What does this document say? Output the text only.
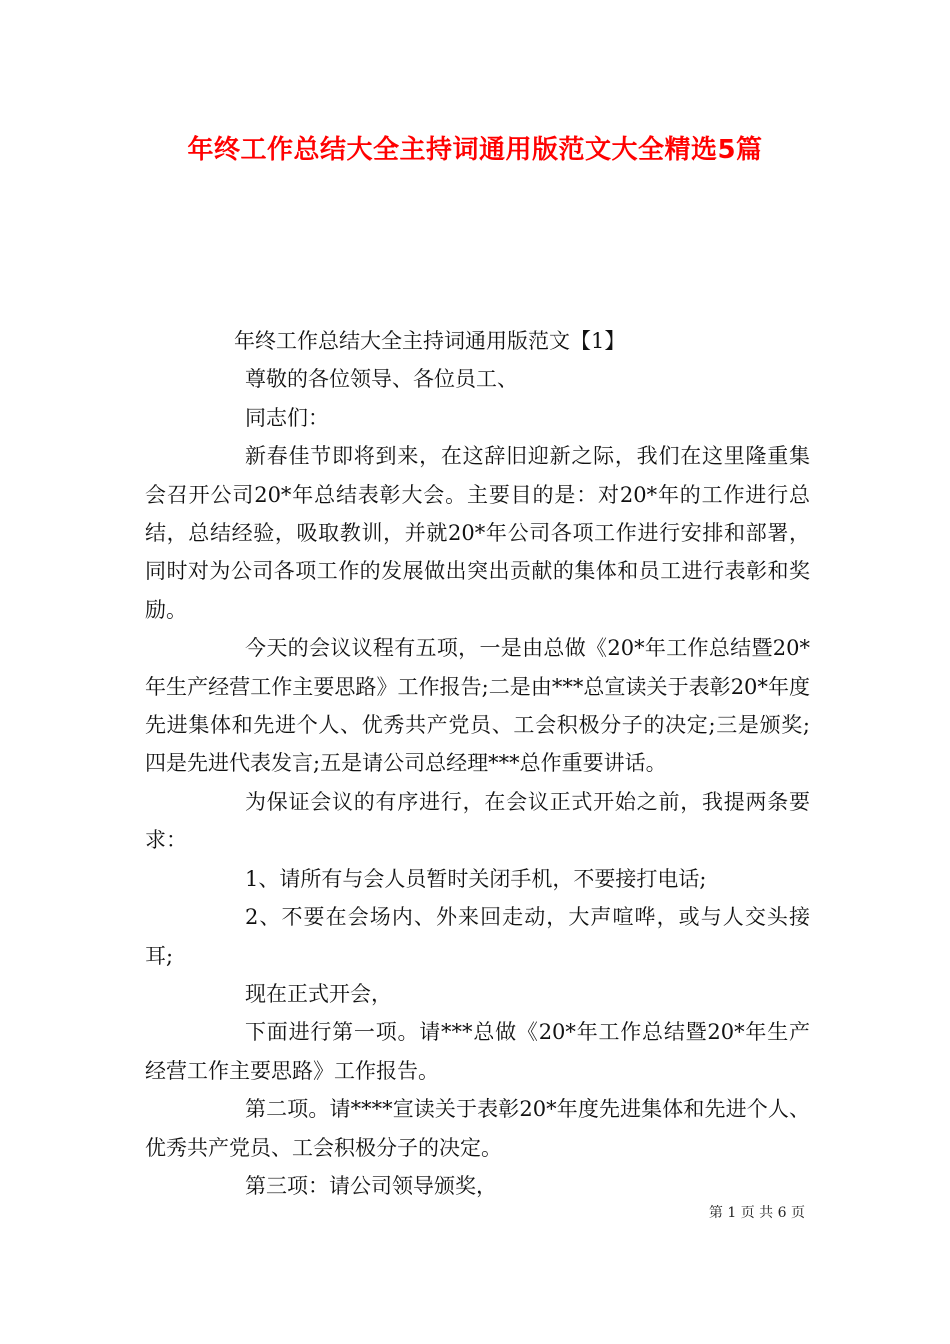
年终工作总结大全主持词通用版范文大全精选5篇

年终工作总结大全主持词通用版范文【1】

尊敬的各位领导、各位员工、

同志们：

新春佳节即将到来，在这辞旧迎新之际，我们在这里隆重集会召开公司20*年总结表彰大会。主要目的是：对20*年的工作进行总结，总结经验，吸取教训，并就20*年公司各项工作进行安排和部署，同时对为公司各项工作的发展做出突出贡献的集体和员工进行表彰和奖励。

今天的会议议程有五项，一是由总做《20*年工作总结暨20*年生产经营工作主要思路》工作报告;二是由***总宣读关于表彰20*年度先进集体和先进个人、优秀共产党员、工会积极分子的决定;三是颁奖;四是先进代表发言;五是请公司总经理***总作重要讲话。

为保证会议的有序进行，在会议正式开始之前，我提两条要求：

1、请所有与会人员暂时关闭手机，不要接打电话;

2、不要在会场内、外来回走动，大声喧哗，或与人交头接耳;

现在正式开会，

下面进行第一项。请***总做《20*年工作总结暨20*年生产经营工作主要思路》工作报告。

第二项。请****宣读关于表彰20*年度先进集体和先进个人、优秀共产党员、工会积极分子的决定。

第三项：请公司领导颁奖，

第 1 页 共 6 页
